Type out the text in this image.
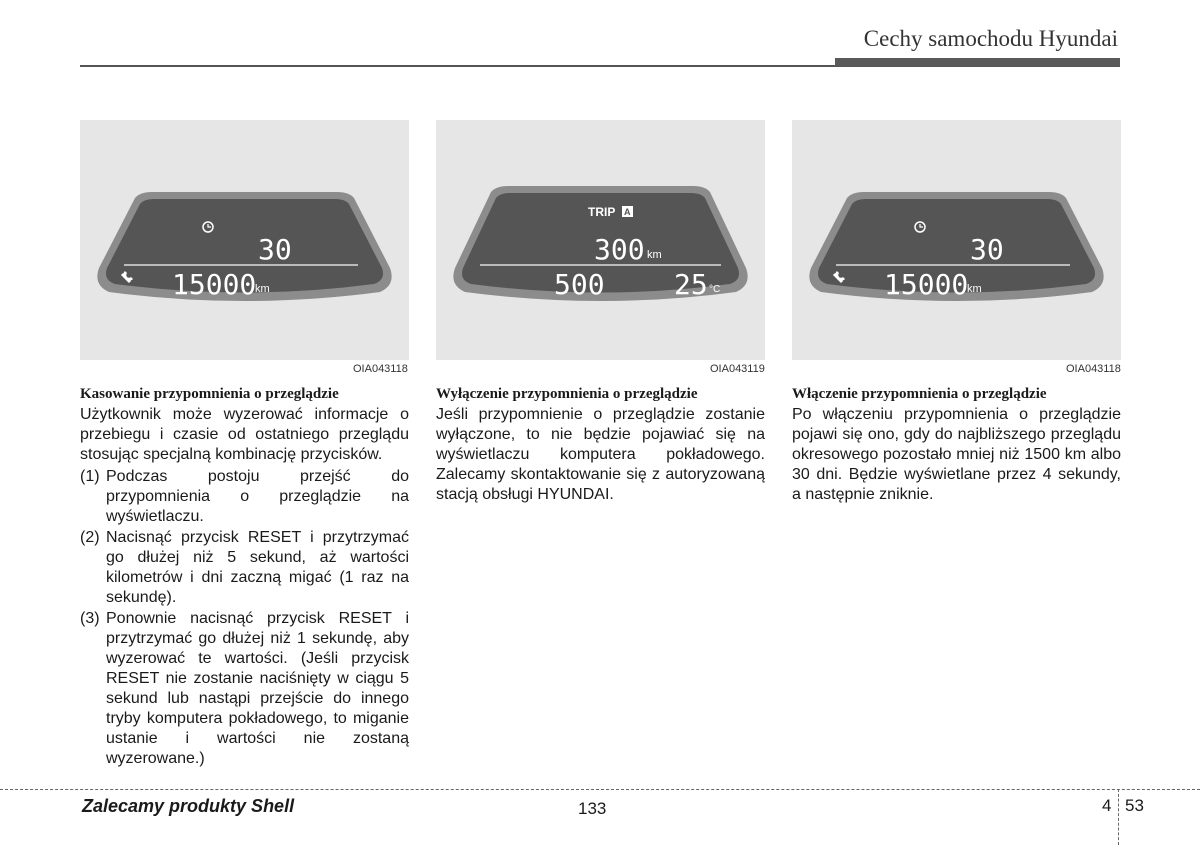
Cechy samochodu Hyundai
30
15000
km
OIA043118
TRIP A
300 km
500 25 °C
OIA043119
30
15000
km
OIA043118
Kasowanie przypomnienia o przeglądzie

Użytkownik może wyzerować informacje o przebiegu i czasie od ostatniego przeglądu stosując specjalną kombinację przycisków.

(1) Podczas postoju przejść do przypomnienia o przeglądzie na wyświetlaczu.
(2) Nacisnąć przycisk RESET i przytrzymać go dłużej niż 5 sekund, aż wartości kilometrów i dni zaczną migać (1 raz na sekundę).
(3) Ponownie nacisnąć przycisk RESET i przytrzymać go dłużej niż 1 sekundę, aby wyzerować te wartości. (Jeśli przycisk RESET nie zostanie naciśnięty w ciągu 5 sekund lub nastąpi przejście do innego tryby komputera pokładowego, to miganie ustanie i wartości nie zostaną wyzerowane.)
Wyłączenie przypomnienia o przeglądzie

Jeśli przypomnienie o przeglądzie zostanie wyłączone, to nie będzie pojawiać się na wyświetlaczu komputera pokładowego. Zalecamy skontaktowanie się z autoryzowaną stacją obsługi HYUNDAI.

Włączenie przypomnienia o przeglądzie

Po włączeniu przypomnienia o przeglądzie pojawi się ono, gdy do najbliższego przeglądu okresowego pozostało mniej niż 1500 km albo 30 dni. Będzie wyświetlane przez 4 sekundy, a następnie zniknie.

Zalecamy produkty Shell	133	4 53
